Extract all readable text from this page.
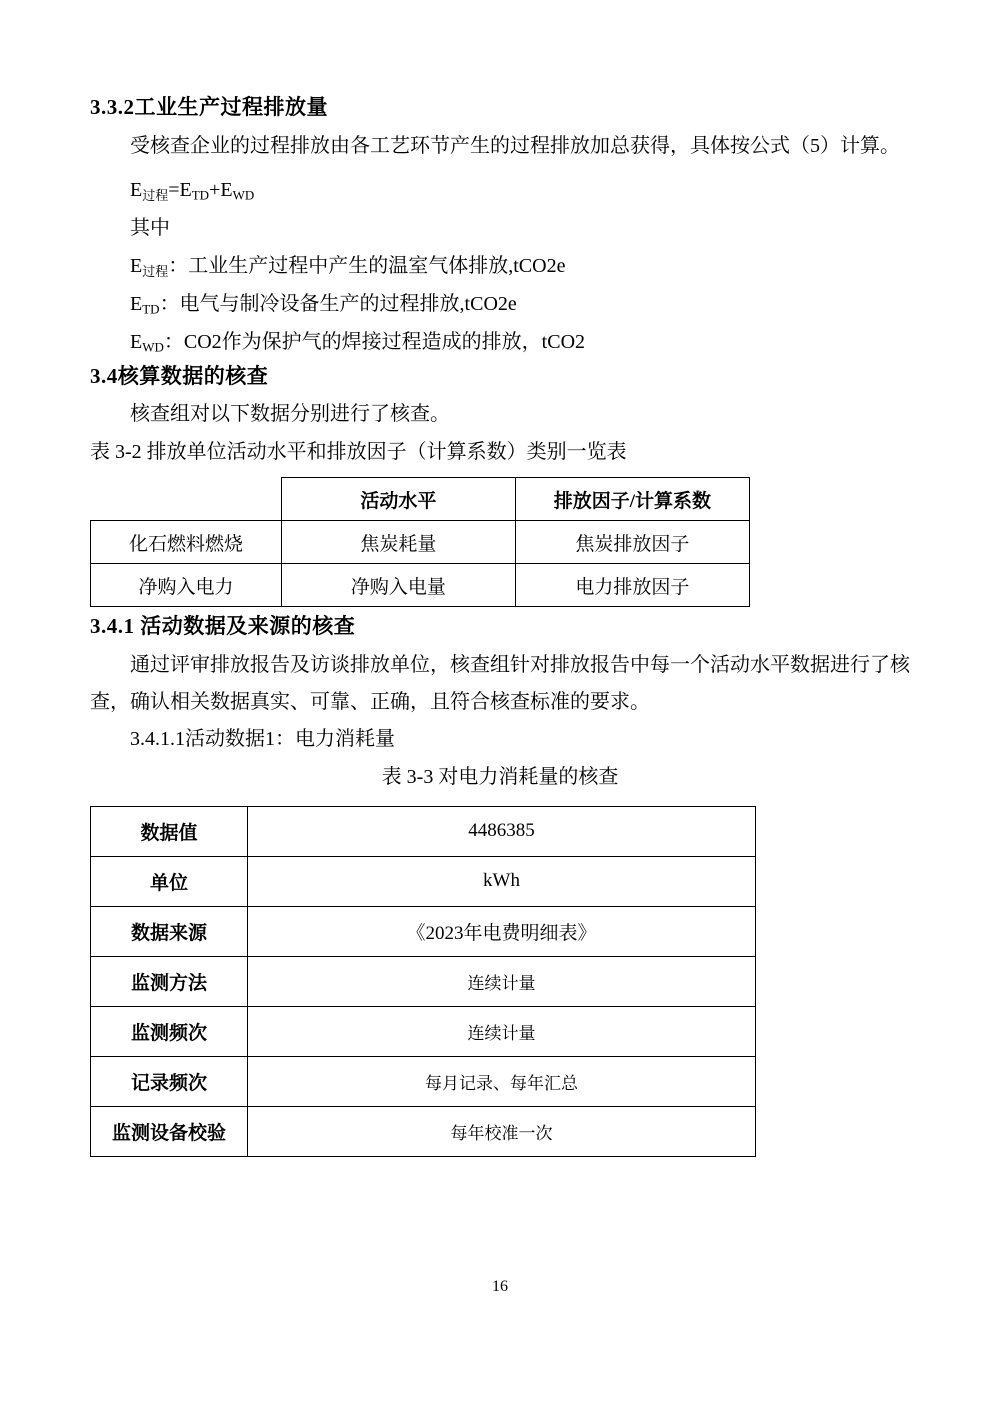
3.3.2工业生产过程排放量

受核查企业的过程排放由各工艺环节产生的过程排放加总获得，具体按公式（5）计算。

E过程$=E_{TD}+E_{WD}$

其中

E过程：工业生产过程中产生的温室气体排放,tCO2e

$E_{TD}$：电气与制冷设备生产的过程排放,tCO2e

$E_{WD}$：CO2作为保护气的焊接过程造成的排放，tCO2

3.4核算数据的核查

核查组对以下数据分别进行了核查。

表 3-2 排放单位活动水平和排放因子（计算系数）类别一览表

	活动水平	排放因子/计算系数
化石燃料燃烧	焦炭耗量	焦炭排放因子
净购入电力	净购入电量	电力排放因子
3.4.1 活动数据及来源的核查

通过评审排放报告及访谈排放单位，核查组针对排放报告中每一个活动水平数据进行了核查，确认相关数据真实、可靠、正确，且符合核查标准的要求。

3.4.1.1活动数据1：电力消耗量

表 3-3 对电力消耗量的核查

数据值	4486385
单位	kWh
数据来源	《2023年电费明细表》
监测方法	连续计量
监测频次	连续计量
记录频次	每月记录、每年汇总
监测设备校验	每年校准一次
16
